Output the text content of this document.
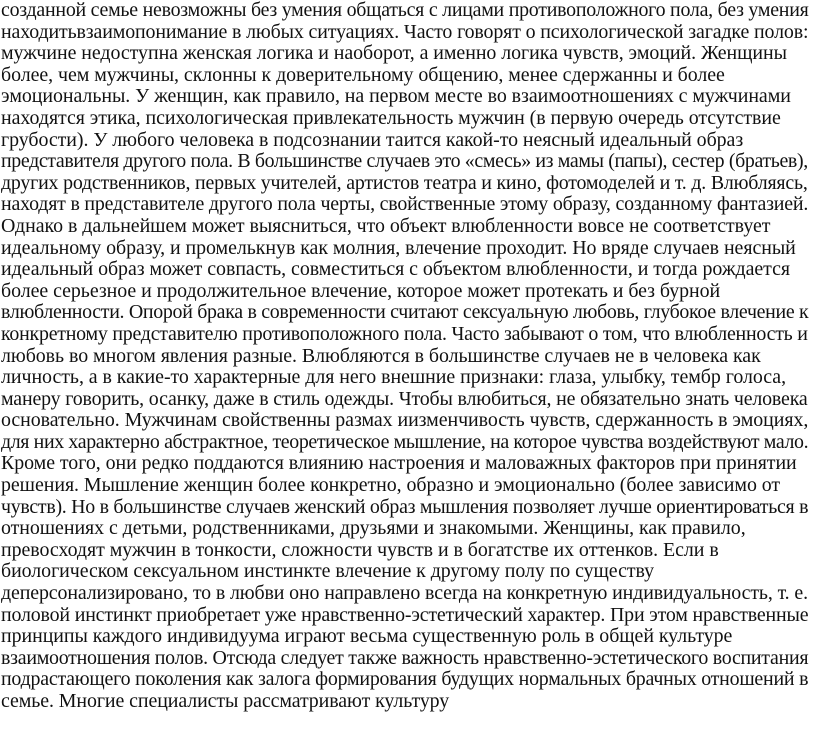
созданной семье невозможны без умения общаться с лицами противоположного пола, без умения
находитьвзаимопонимание в любых ситуациях. Часто говорят о психологической загадке полов:
мужчине недоступна женская логика и наоборот, а именно логика чувств, эмоций. Женщины
более, чем мужчины, склонны к доверительному общению, менее сдержанны и более
эмоциональны. У женщин, как правило, на первом месте во взаимоотношениях с мужчинами
находятся этика, психологическая привлекательность мужчин (в первую очередь отсутствие
грубости). У любого человека в подсознании таится какой-то неясный идеальный образ
представителя другого пола. В большинстве случаев это «смесь» из мамы (папы), сестер (братьев),
других родственников, первых учителей, артистов театра и кино, фотомоделей и т. д. Влюбляясь,
находят в представителе другого пола черты, свойственные этому образу, созданному фантазией.
Однако в дальнейшем может выясниться, что объект влюбленности вовсе не соответствует
идеальному образу, и промелькнув как молния, влечение проходит. Но вряде случаев неясный
идеальный образ может совпасть, совместиться с объектом влюбленности, и тогда рождается
более серьезное и продолжительное влечение, которое может протекать и без бурной
влюбленности. Опорой брака в современности считают сексуальную любовь, глубокое влечение к
конкретному представителю противоположного пола. Часто забывают о том, что влюбленность и
любовь во многом явления разные. Влюбляются в большинстве случаев не в человека как
личность, а в какие-то характерные для него внешние признаки: глаза, улыбку, тембр голоса,
манеру говорить, осанку, даже в стиль одежды. Чтобы влюбиться, не обязательно знать человека
основательно. Мужчинам свойственны размах иизменчивость чувств, сдержанность в эмоциях,
для них характерно абстрактное, теоретическое мышление, на которое чувства воздействуют мало.
Кроме того, они редко поддаются влиянию настроения и маловажных факторов при принятии
решения. Мышление женщин более конкретно, образно и эмоционально (более зависимо от
чувств). Но в большинстве случаев женский образ мышления позволяет лучше ориентироваться в
отношениях с детьми, родственниками, друзьями и знакомыми. Женщины, как правило,
превосходят мужчин в тонкости, сложности чувств и в богатстве их оттенков. Если в
биологическом сексуальном инстинкте влечение к другому полу по существу
деперсонализировано, то в любви оно направлено всегда на конкретную индивидуальность, т. е.
половой инстинкт приобретает уже нравственно-эстетический характер. При этом нравственные
принципы каждого индивидуума играют весьма существенную роль в общей культуре
взаимоотношения полов. Отсюда следует также важность нравственно-эстетического воспитания
подрастающего поколения как залога формирования будущих нормальных брачных отношений в
семье. Многие специалисты рассматривают культуру
